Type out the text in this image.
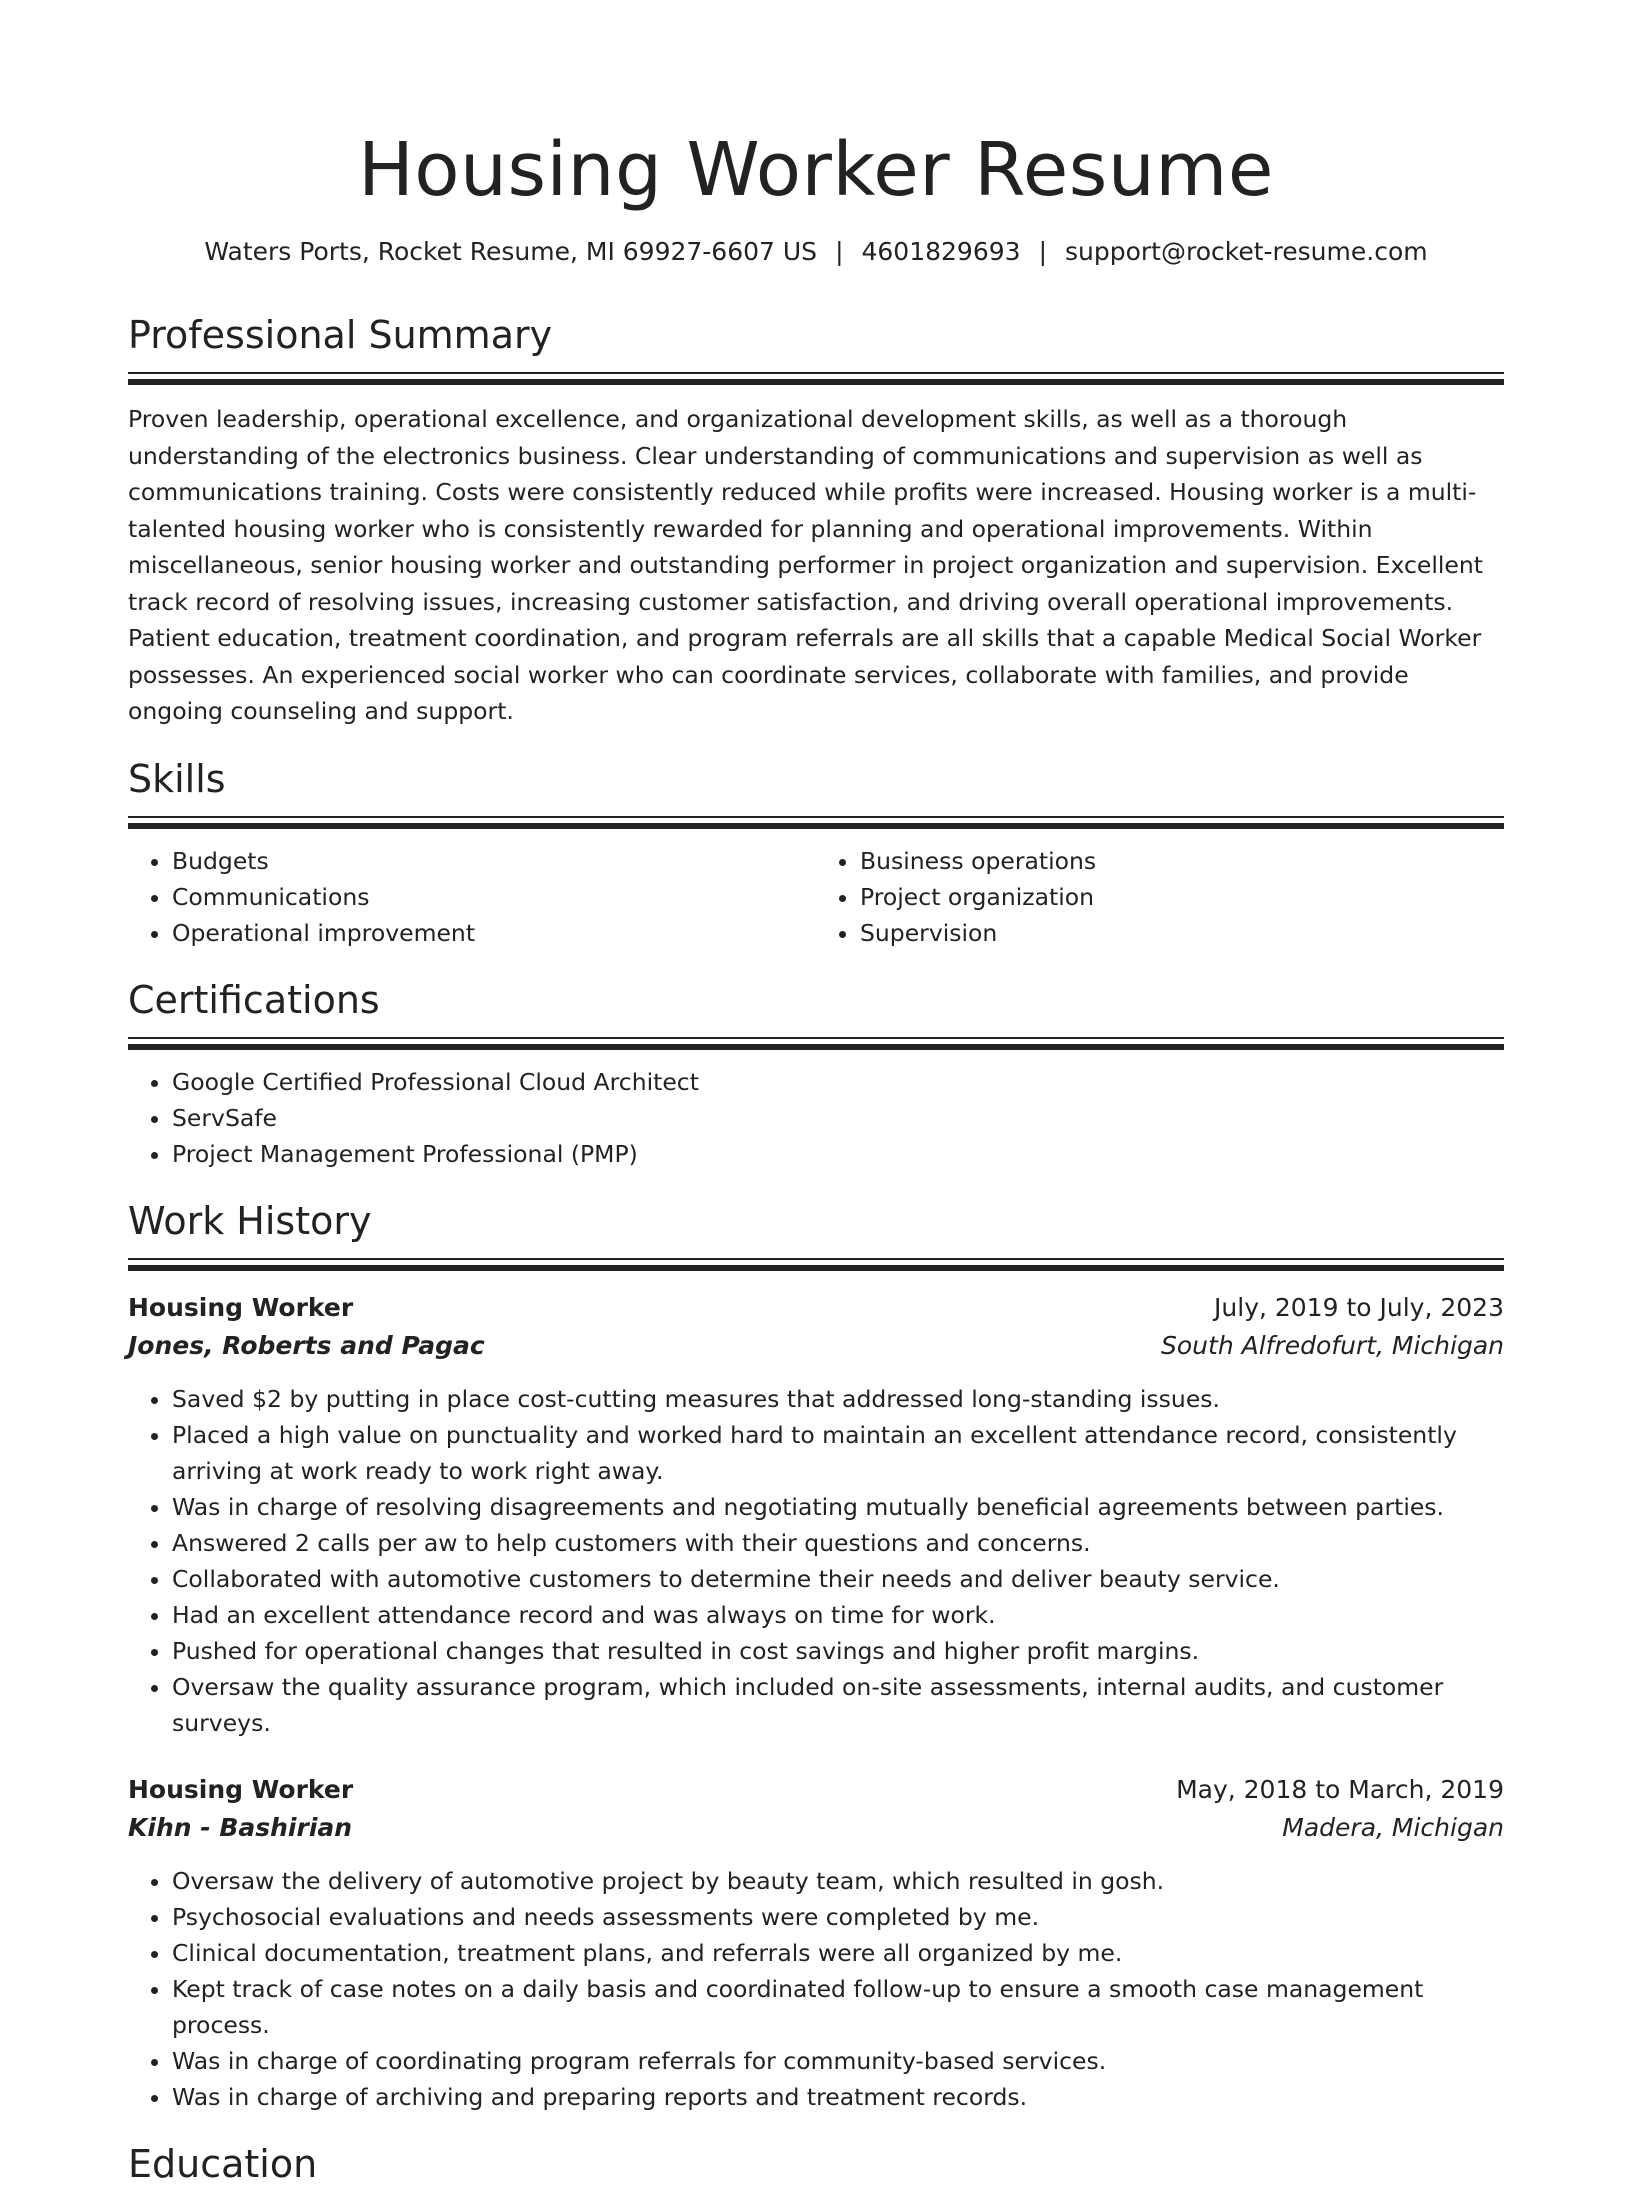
Housing Worker Resume
Waters Ports, Rocket Resume, MI 69927-6607 US | 4601829693 | support@rocket-resume.com
Professional Summary
Proven leadership, operational excellence, and organizational development skills, as well as a thorough understanding of the electronics business. Clear understanding of communications and supervision as well as communications training. Costs were consistently reduced while profits were increased. Housing worker is a multi-talented housing worker who is consistently rewarded for planning and operational improvements. Within miscellaneous, senior housing worker and outstanding performer in project organization and supervision. Excellent track record of resolving issues, increasing customer satisfaction, and driving overall operational improvements. Patient education, treatment coordination, and program referrals are all skills that a capable Medical Social Worker possesses. An experienced social worker who can coordinate services, collaborate with families, and provide ongoing counseling and support.
Skills
• Budgets
• Communications
• Operational improvement
• Business operations
• Project organization
• Supervision
Certifications
• Google Certified Professional Cloud Architect
• ServSafe
• Project Management Professional (PMP)
Work History
Housing Worker	July, 2019 to July, 2023
Jones, Roberts and Pagac	South Alfredofurt, Michigan
• Saved $2 by putting in place cost-cutting measures that addressed long-standing issues.
• Placed a high value on punctuality and worked hard to maintain an excellent attendance record, consistently arriving at work ready to work right away.
• Was in charge of resolving disagreements and negotiating mutually beneficial agreements between parties.
• Answered 2 calls per aw to help customers with their questions and concerns.
• Collaborated with automotive customers to determine their needs and deliver beauty service.
• Had an excellent attendance record and was always on time for work.
• Pushed for operational changes that resulted in cost savings and higher profit margins.
• Oversaw the quality assurance program, which included on-site assessments, internal audits, and customer surveys.
Housing Worker	May, 2018 to March, 2019
Kihn - Bashirian	Madera, Michigan
• Oversaw the delivery of automotive project by beauty team, which resulted in gosh.
• Psychosocial evaluations and needs assessments were completed by me.
• Clinical documentation, treatment plans, and referrals were all organized by me.
• Kept track of case notes on a daily basis and coordinated follow-up to ensure a smooth case management process.
• Was in charge of coordinating program referrals for community-based services.
• Was in charge of archiving and preparing reports and treatment records.
Education
